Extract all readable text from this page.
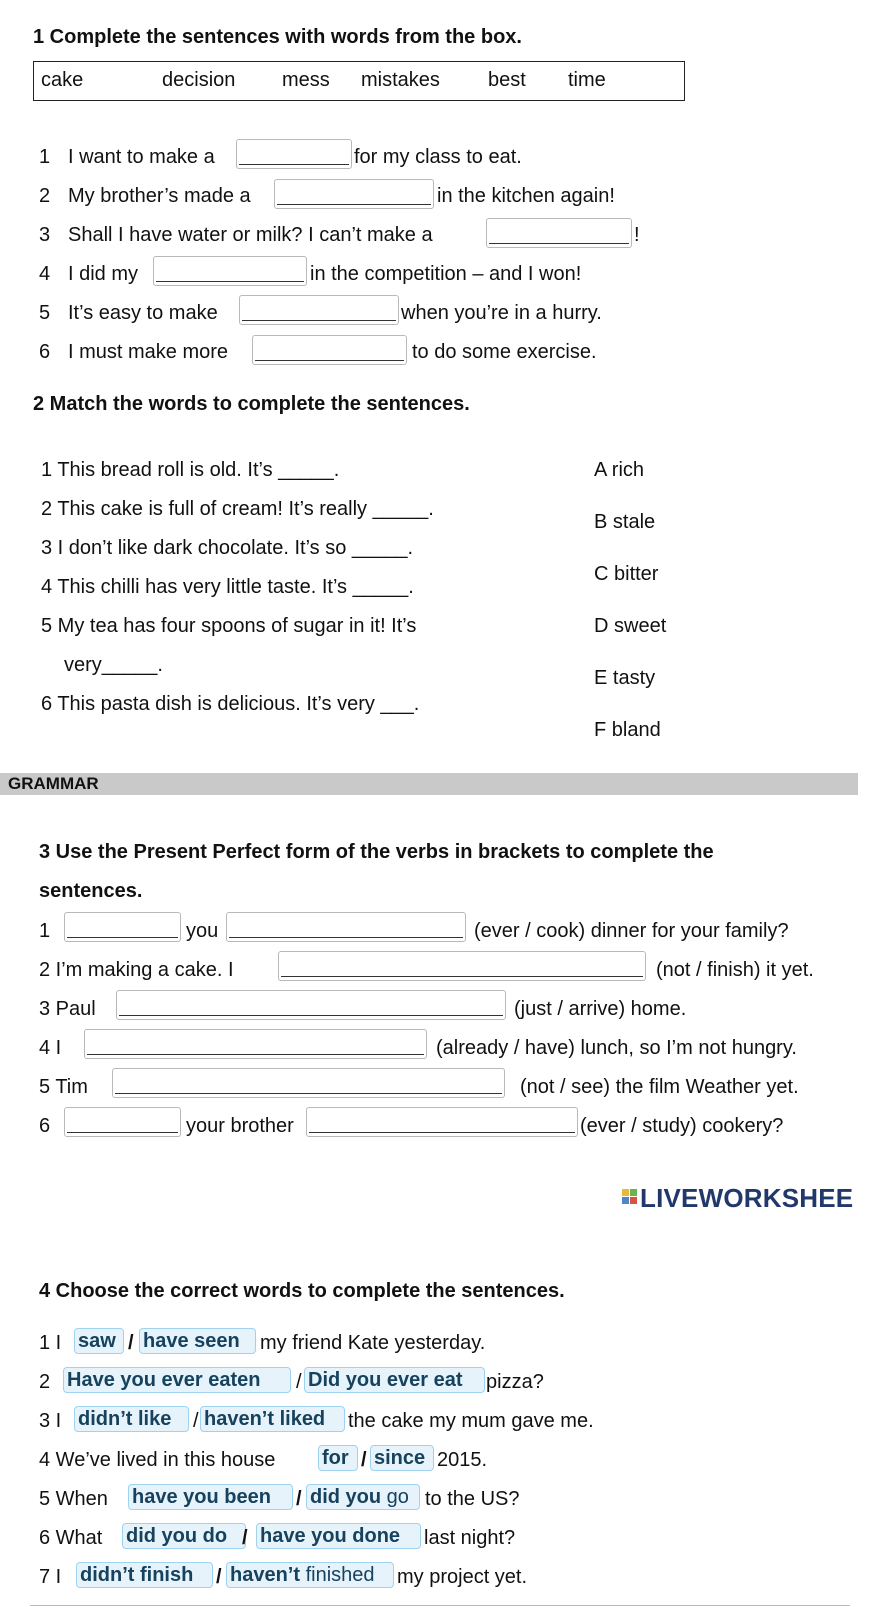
1 Complete the sentences with words from the box.
cake	decision mess mistakes best time
1 I want to make a	for my class to eat.
2 My brother’s made a	in the kitchen again!
3 Shall I have water or milk? I can’t make a	!
4 I did my	in the competition – and I won!
5 It’s easy to make	when you’re in a hurry.
6 I must make more	to do some exercise.
2 Match the words to complete the sentences.
1 This bread roll is old. It’s _____.
2 This cake is full of cream! It’s really _____.
3 I don’t like dark chocolate. It’s so _____.
4 This chilli has very little taste. It’s _____.
5 My tea has four spoons of sugar in it! It’s
very_____.
6 This pasta dish is delicious. It’s very ___.
A rich
B stale
C bitter
D sweet
E tasty
F bland
GRAMMAR
3 Use the Present Perfect form of the verbs in brackets to complete the
sentences.
1	you	(ever / cook) dinner for your family?
2 I’m making a cake. I	(not / finish) it yet.
3 Paul	(just / arrive) home.
4 I	(already / have) lunch, so I’m not hungry.
5 Tim	(not / see) the film Weather yet.
6	your brother	(ever / study) cookery?
LIVEWORKSHEE
4 Choose the correct words to complete the sentences.
1 I saw / have seen	my friend Kate yesterday.
2 Have you ever eaten	/ Did you ever eat	pizza?
3 I didn’t like	/ haven’t liked	the cake my mum gave me.
4 We’ve lived in this house for / since 2015.
5 When have you been	/ did you go to the US?
6 What did you do / have you done	last night?
7 I didn’t finish	/ haven’t finished	my project yet.
